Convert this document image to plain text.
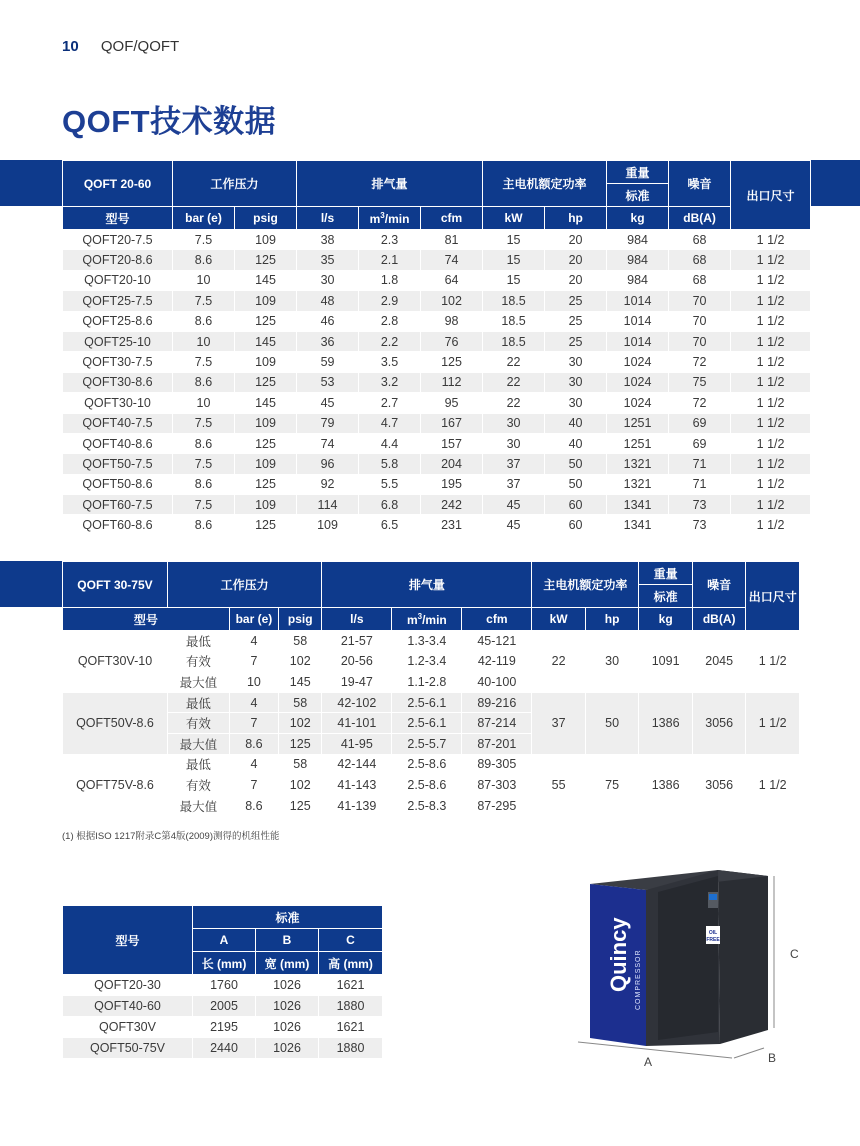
10 QOF/QOFT
QOFT技术数据
QOFT 20-60	工作压力		排气量			主电机额定功率		重量	噪音	出口尺寸
								标准		
型号	bar (e)	psig	l/s	$m^3/\min$	cfm	kW	hp	kg	dB(A)	
QOFT20-7.5	7.5	109	38	2.3	81	15	20	984	68	1 1/2
QOFT20-8.6	8.6	125	35	2.1	74	15	20	984	68	1 1/2
QOFT20-10	10	145	30	1.8	64	15	20	984	68	1 1/2
QOFT25-7.5	7.5	109	48	2.9	102	18.5	25	1014	70	1 1/2
QOFT25-8.6	8.6	125	46	2.8	98	18.5	25	1014	70	1 1/2
QOFT25-10	10	145	36	2.2	76	18.5	25	1014	70	1 1/2
QOFT30-7.5	7.5	109	59	3.5	125	22	30	1024	72	1 1/2
QOFT30-8.6	8.6	125	53	3.2	112	22	30	1024	75	1 1/2
QOFT30-10	10	145	45	2.7	95	22	30	1024	72	1 1/2
QOFT40-7.5	7.5	109	79	4.7	167	30	40	1251	69	1 1/2
QOFT40-8.6	8.6	125	74	4.4	157	30	40	1251	69	1 1/2
QOFT50-7.5	7.5	109	96	5.8	204	37	50	1321	71	1 1/2
QOFT50-8.6	8.6	125	92	5.5	195	37	50	1321	71	1 1/2
QOFT60-7.5	7.5	109	114	6.8	242	45	60	1341	73	1 1/2
QOFT60-8.6	8.6	125	109	6.5	231	45	60	1341	73	1 1/2
QOFT 30-75V	工作压力			排气量			主电机额定功率		重量	噪音	出口尺寸
									标准		
型号		bar (e)	psig	l/s	$m^3/\min$	cfm	kW	hp	kg	dB(A)	
QOFT30V-10	最低	4	58	21-57	1.3-3.4	45-121	22	30	1091	2045	1 1/2
	有效	7	102	20-56	1.2-3.4	42-119					
	最大值	10	145	19-47	1.1-2.8	40-100					
QOFT50V-8.6	最低	4	58	42-102	2.5-6.1	89-216	37	50	1386	3056	1 1/2
	有效	7	102	41-101	2.5-6.1	87-214					
	最大值	8.6	125	41-95	2.5-5.7	87-201					
QOFT75V-8.6	最低	4	58	42-144	2.5-8.6	89-305	55	75	1386	3056	1 1/2
	有效	7	102	41-143	2.5-8.6	87-303					
	最大值	8.6	125	41-139	2.5-8.3	87-295					
(1) 根据ISO 1217附录C第4版(2009)测得的机组性能
型号	标准		
	A	B	C
	长 (mm)	宽 (mm)	高 (mm)
QOFT20-30	1760	1026	1621
QOFT40-60	2005	1026	1880
QOFT30V	2195	1026	1621
QOFT50-75V	2440	1026	1880
OIL
FREE
Quincy COMPRESSOR
A	B
C
